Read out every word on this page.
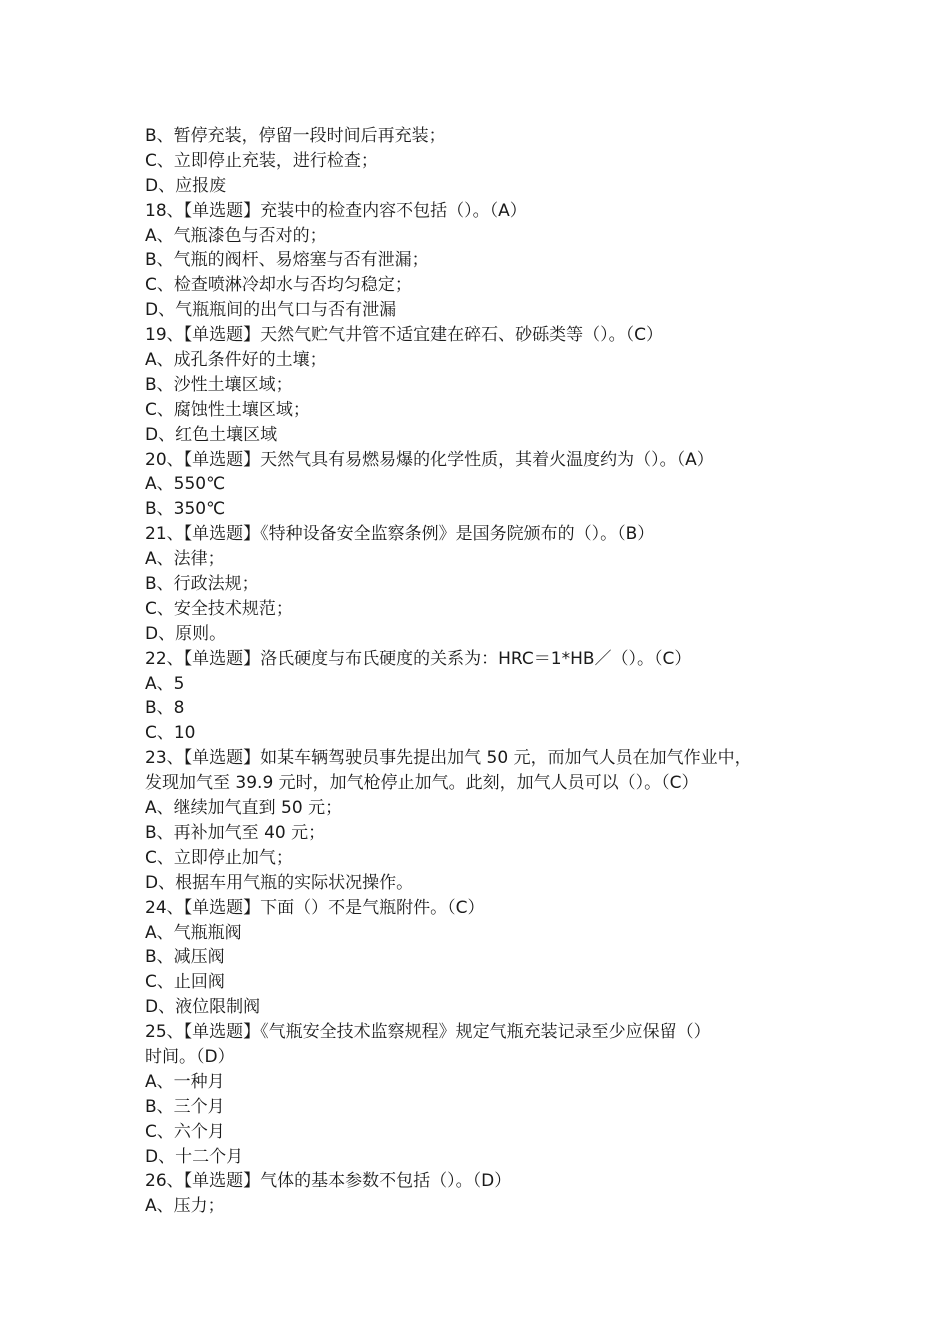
B、暂停充装，停留一段时间后再充装；
C、立即停止充装，进行检查；
D、应报废
18、【单选题】充装中的检查内容不包括（）。（A）
A、气瓶漆色与否对的；
B、气瓶的阀杆、易熔塞与否有泄漏；
C、检查喷淋冷却水与否均匀稳定；
D、气瓶瓶间的出气口与否有泄漏
19、【单选题】天然气贮气井管不适宜建在碎石、砂砾类等（）。（C）
A、成孔条件好的土壤；
B、沙性土壤区域；
C、腐蚀性土壤区域；
D、红色土壤区域
20、【单选题】天然气具有易燃易爆的化学性质，其着火温度约为（）。（A）
A、550℃
B、350℃
21、【单选题】《特种设备安全监察条例》是国务院颁布的（）。（B）
A、法律；
B、行政法规；
C、安全技术规范；
D、原则。
22、【单选题】洛氏硬度与布氏硬度的关系为：HRC＝1*HB／（）。（C）
A、5
B、8
C、10
23、【单选题】如某车辆驾驶员事先提出加气 50 元，而加气人员在加气作业中，
发现加气至 39.9 元时，加气枪停止加气。此刻，加气人员可以（）。（C）
A、继续加气直到 50 元；
B、再补加气至 40 元；
C、立即停止加气；
D、根据车用气瓶的实际状况操作。
24、【单选题】下面（）不是气瓶附件。（C）
A、气瓶瓶阀
B、减压阀
C、止回阀
D、液位限制阀
25、【单选题】《气瓶安全技术监察规程》规定气瓶充装记录至少应保留（）
时间。（D）
A、一种月
B、三个月
C、六个月
D、十二个月
26、【单选题】气体的基本参数不包括（）。（D）
A、压力；
